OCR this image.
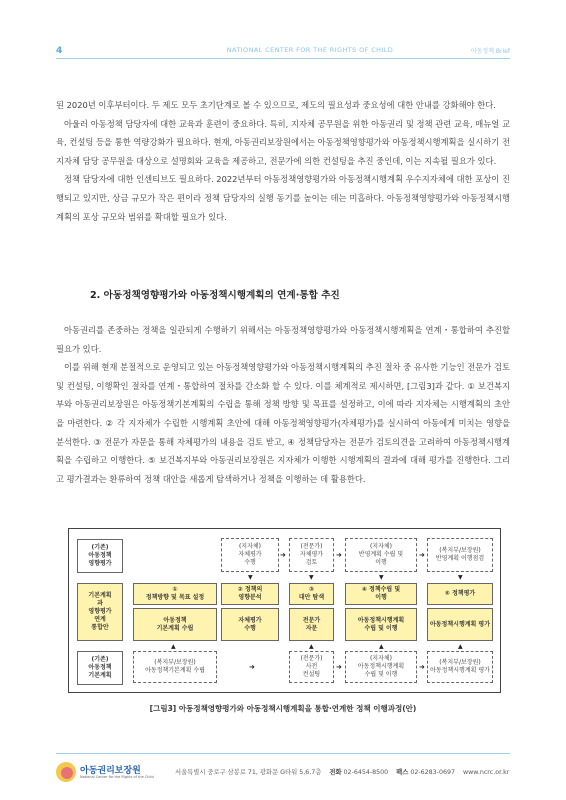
4	NATIONAL CENTER FOR THE RIGHTS OF CHILD	아동정책 Brief

된 2020년 이후부터이다. 두 제도 모두 초기단계로 볼 수 있으므로, 제도의 필요성과 중요성에 대한 안내를 강화해야 한다.

아울러 아동정책 담당자에 대한 교육과 훈련이 중요하다. 특히, 지자체 공무원을 위한 아동권리 및 정책 관련 교육, 매뉴얼 교육, 컨설팅 등을 통한 역량강화가 필요하다. 현재, 아동권리보장원에서는 아동정책영향평가와 아동정책시행계획을 실시하기 전 지자체 담당 공무원을 대상으로 설명회와 교육을 제공하고, 전문가에 의한 컨설팅을 추진 중인데, 이는 지속될 필요가 있다.

정책 담당자에 대한 인센티브도 필요하다. 2022년부터 아동정책영향평가와 아동정책시행계획 우수지자체에 대한 포상이 진행되고 있지만, 상금 규모가 작은 편이라 정책 담당자의 실행 동기를 높이는 데는 미흡하다. 아동정책영향평가와 아동정책시행계획의 포상 규모와 범위를 확대할 필요가 있다.

2. 아동정책영향평가와 아동정책시행계획의 연계·통합 추진

아동권리를 존중하는 정책을 일관되게 수행하기 위해서는 아동정책영향평가와 아동정책시행계획을 연계・통합하여 추진할 필요가 있다.

이를 위해 현재 분절적으로 운영되고 있는 아동정책영향평가와 아동정책시행계획의 추진 절차 중 유사한 기능인 전문가 검토 및 컨설팅, 이행확인 절차를 연계・통합하여 절차를 간소화 할 수 있다. 이를 체계적로 제시하면, [그림3]과 같다. ① 보건복지부와 아동권리보장원은 아동정책기본계획의 수립을 통해 정책 방향 및 목표를 설정하고, 이에 따라 지자체는 시행계획의 초안을 마련한다. ② 각 지자체가 수립한 시행계획 초안에 대해 아동정책영향평가(자체평가)를 실시하여 아동에게 미치는 영향을 분석한다. ③ 전문가 자문을 통해 자체평가의 내용을 검토 받고, ④ 정책담당자는 전문가 검토의견을 고려하여 아동정책시행계획을 수립하고 이행한다. ⑤ 보건복지부와 아동권리보장원은 지자체가 이행한 시행계획의 결과에 대해 평가를 진행한다. 그리고 평가결과는 환류하여 정책 대안을 새롭게 탐색하거나 정책을 이행하는 데 활용한다.

(기존)
아동정책
영향평가
기본계획
과
영향평가
연계
통합안
(기존)
아동정책
기본계획
(지자체)
자체평가
수행
➜
(전문가)
자체평가
검토
➜
(지자체)
반영계획 수립 및
이행
➜
(복지부/보장원)
반영계획 이행점검
▼	▼	▼	▼
①
정책방향 및 목표 설정
아동정책
기본계획 수립
② 정책의
영향분석
자체평가
수행
③
대안 탐색
전문가
자문
④ 정책수립 및
이행
아동정책시행계획
수립 및 이행
⑤ 정책평가
아동정책시행계획 평가
▼	▼	▼	▼
(복지부/보장원)
아동정책기본계획 수립	➜
(전문가)
사전
컨설팅
➜
(지자체)
아동정책시행계획
수립 및 이행
➜
(복지부/보장원)
아동정책시행계획 평가
[그림3] 아동정책영향평가와 아동정책시행계획을 통합·연계한 정책 이행과정(안)
아동권리보장원
National Center for the Rights of the Child
서울특별시 중로구 삼봉로 71, 광화문 G타워 5,6,7층 전화 02-6454-8500 팩스 02-6283-0697 www.ncrc.or.kr
